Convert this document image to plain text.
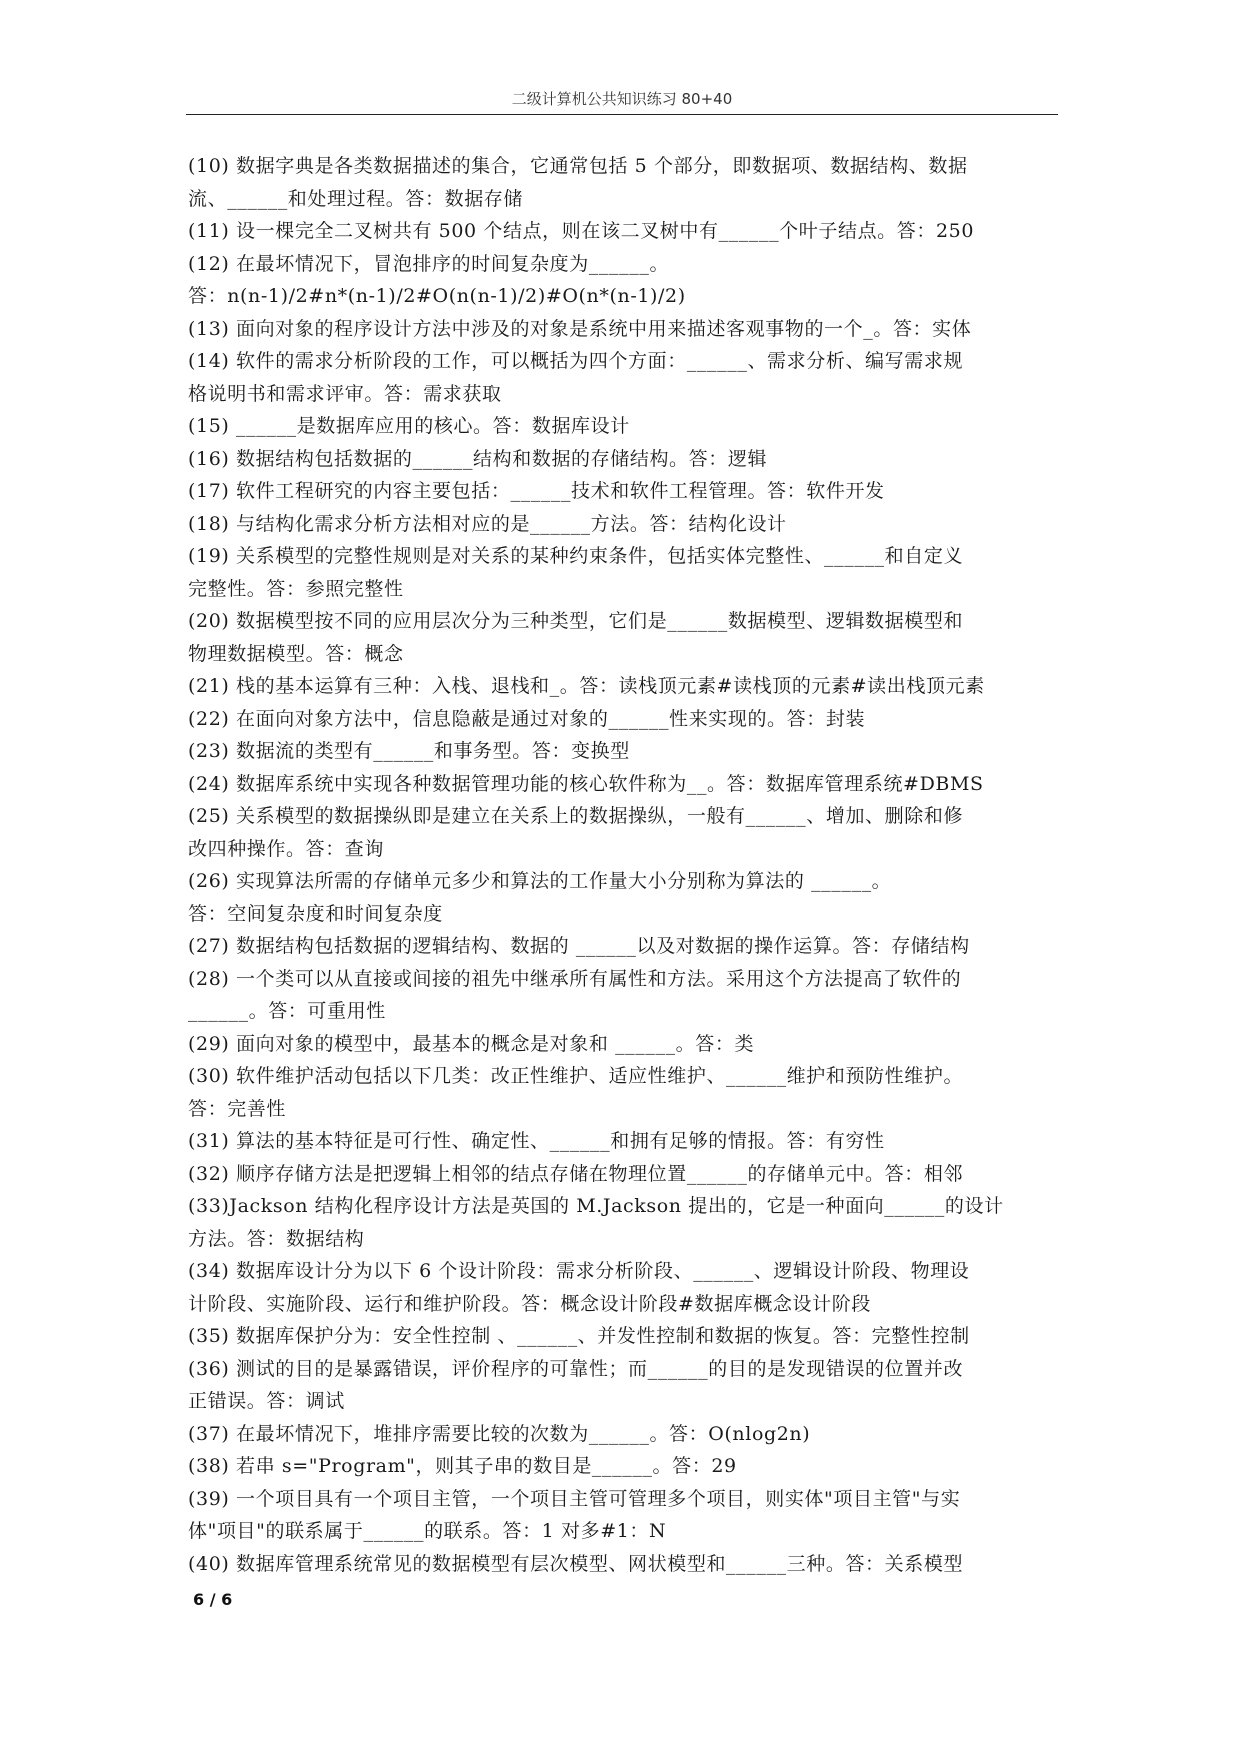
二级计算机公共知识练习 80+40
(10) 数据字典是各类数据描述的集合，它通常包括 5 个部分，即数据项、数据结构、数据
流、______和处理过程。答：数据存储
(11) 设一棵完全二叉树共有 500 个结点，则在该二叉树中有______个叶子结点。答：250
(12) 在最坏情况下，冒泡排序的时间复杂度为______。
答：n(n-1)/2#n*(n-1)/2#O(n(n-1)/2)#O(n*(n-1)/2)
(13) 面向对象的程序设计方法中涉及的对象是系统中用来描述客观事物的一个_。答：实体
(14) 软件的需求分析阶段的工作，可以概括为四个方面：______、需求分析、编写需求规
格说明书和需求评审。答：需求获取
(15) ______是数据库应用的核心。答：数据库设计
(16) 数据结构包括数据的______结构和数据的存储结构。答：逻辑
(17) 软件工程研究的内容主要包括：______技术和软件工程管理。答：软件开发
(18) 与结构化需求分析方法相对应的是______方法。答：结构化设计
(19) 关系模型的完整性规则是对关系的某种约束条件，包括实体完整性、______和自定义
完整性。答：参照完整性
(20) 数据模型按不同的应用层次分为三种类型，它们是______数据模型、逻辑数据模型和
物理数据模型。答：概念
(21) 栈的基本运算有三种：入栈、退栈和_。答：读栈顶元素#读栈顶的元素#读出栈顶元素
(22) 在面向对象方法中，信息隐蔽是通过对象的______性来实现的。答：封装
(23) 数据流的类型有______和事务型。答：变换型
(24) 数据库系统中实现各种数据管理功能的核心软件称为__。答：数据库管理系统#DBMS
(25) 关系模型的数据操纵即是建立在关系上的数据操纵，一般有______、增加、删除和修
改四种操作。答：查询
(26) 实现算法所需的存储单元多少和算法的工作量大小分别称为算法的 ______。
答：空间复杂度和时间复杂度
(27) 数据结构包括数据的逻辑结构、数据的 ______以及对数据的操作运算。答：存储结构
(28) 一个类可以从直接或间接的祖先中继承所有属性和方法。采用这个方法提高了软件的
______。答：可重用性
(29) 面向对象的模型中，最基本的概念是对象和 ______。答：类
(30) 软件维护活动包括以下几类：改正性维护、适应性维护、______维护和预防性维护。
答：完善性
(31) 算法的基本特征是可行性、确定性、______和拥有足够的情报。答：有穷性
(32) 顺序存储方法是把逻辑上相邻的结点存储在物理位置______的存储单元中。答：相邻
(33)Jackson 结构化程序设计方法是英国的 M.Jackson 提出的，它是一种面向______的设计
方法。答：数据结构
(34) 数据库设计分为以下 6 个设计阶段：需求分析阶段、______、逻辑设计阶段、物理设
计阶段、实施阶段、运行和维护阶段。答：概念设计阶段#数据库概念设计阶段
(35) 数据库保护分为：安全性控制 、______、并发性控制和数据的恢复。答：完整性控制
(36) 测试的目的是暴露错误，评价程序的可靠性；而______的目的是发现错误的位置并改
正错误。答：调试
(37) 在最坏情况下，堆排序需要比较的次数为______。答：O(nlog2n)
(38) 若串 s="Program"，则其子串的数目是______。答：29
(39) 一个项目具有一个项目主管，一个项目主管可管理多个项目，则实体"项目主管"与实
体"项目"的联系属于______的联系。答：1 对多#1：N
(40) 数据库管理系统常见的数据模型有层次模型、网状模型和______三种。答：关系模型
6 / 6
